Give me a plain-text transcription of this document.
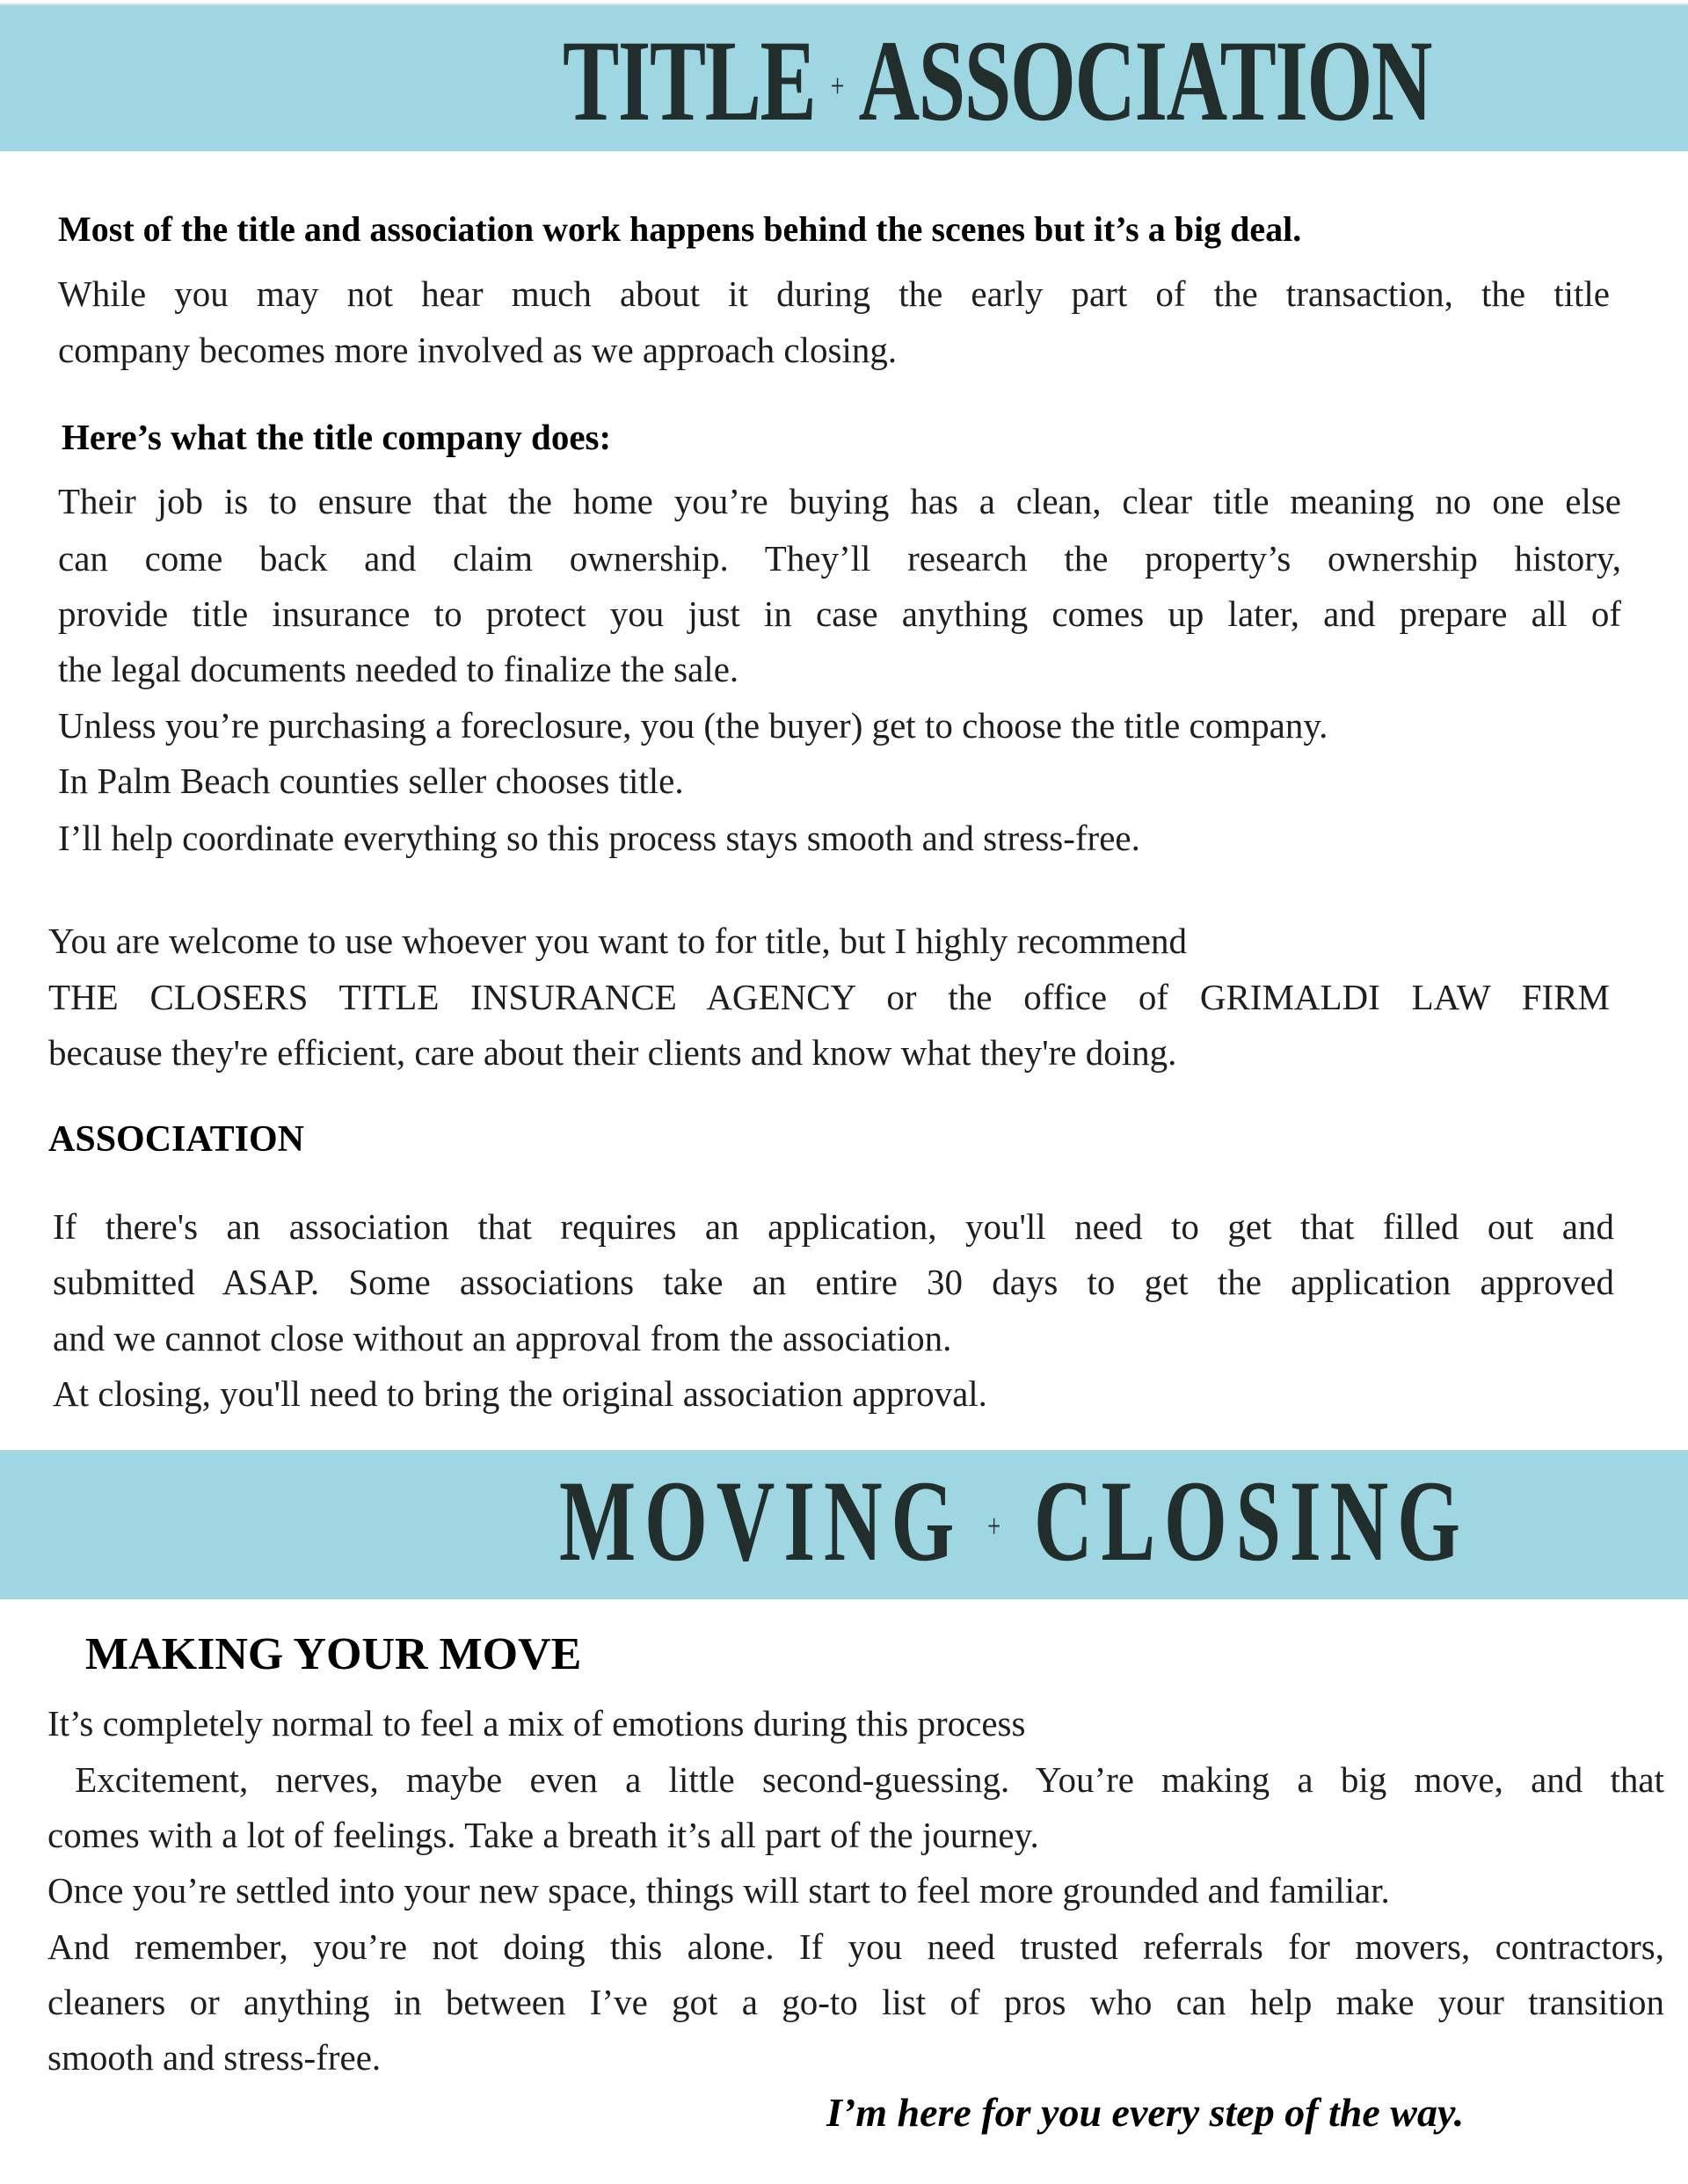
TITLE + ASSOCIATION
Most of the title and association work happens behind the scenes but it’s a big deal.
While you may not hear much about it during the early part of the transaction, the title
company becomes more involved as we approach closing.
Here’s what the title company does:
Their job is to ensure that the home you’re buying has a clean, clear title meaning no one else
can come back and claim ownership. They’ll research the property’s ownership history,
provide title insurance to protect you just in case anything comes up later, and prepare all of
the legal documents needed to finalize the sale.
Unless you’re purchasing a foreclosure, you (the buyer) get to choose the title company.
In Palm Beach counties seller chooses title.
I’ll help coordinate everything so this process stays smooth and stress-free.
You are welcome to use whoever you want to for title, but I highly recommend
THE CLOSERS TITLE INSURANCE AGENCY or the office of GRIMALDI LAW FIRM
because they're efficient, care about their clients and know what they're doing.
ASSOCIATION
If there's an association that requires an application, you'll need to get that filled out and
submitted ASAP. Some associations take an entire 30 days to get the application approved
and we cannot close without an approval from the association.
At closing, you'll need to bring the original association approval.
MOVING + CLOSING
MAKING YOUR MOVE
It’s completely normal to feel a mix of emotions during this process
Excitement, nerves, maybe even a little second-guessing. You’re making a big move, and that
comes with a lot of feelings. Take a breath it’s all part of the journey.
Once you’re settled into your new space, things will start to feel more grounded and familiar.
And remember, you’re not doing this alone. If you need trusted referrals for movers, contractors,
cleaners or anything in between I’ve got a go-to list of pros who can help make your transition
smooth and stress-free.
I’m here for you every step of the way.
